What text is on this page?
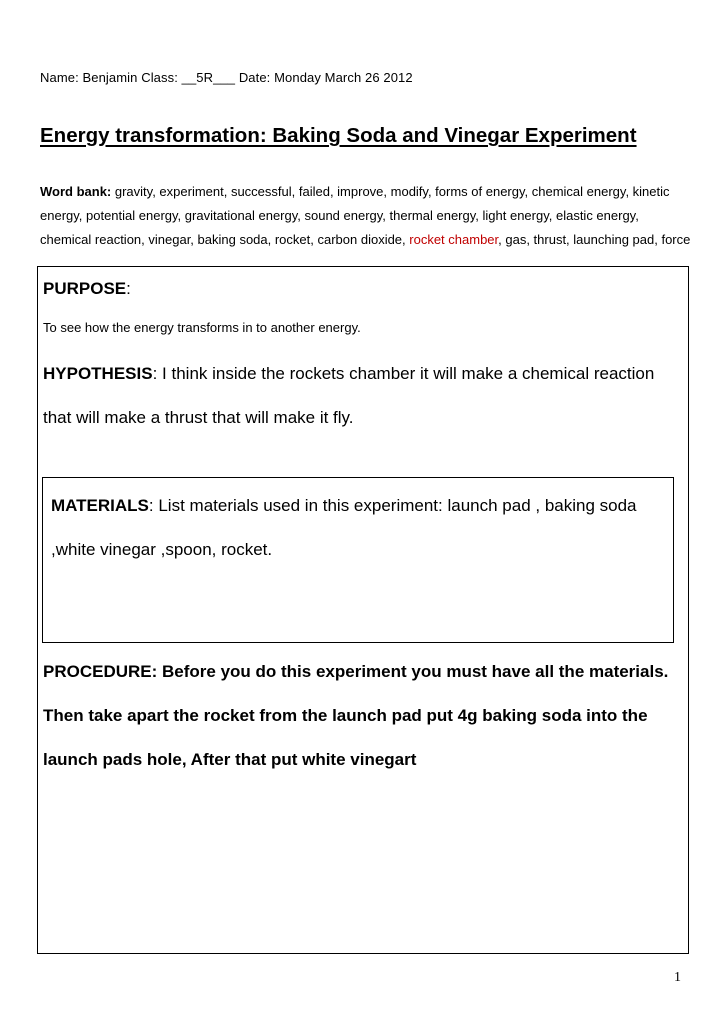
Name: Benjamin Class: __5R___ Date: Monday March 26 2012
Energy transformation: Baking Soda and Vinegar Experiment
Word bank: gravity, experiment, successful, failed, improve, modify, forms of energy, chemical energy, kinetic energy, potential energy, gravitational energy, sound energy, thermal energy, light energy, elastic energy, chemical reaction, vinegar, baking soda, rocket, carbon dioxide, rocket chamber, gas, thrust, launching pad, force
PURPOSE:
To see how the energy transforms in to another energy.
HYPOTHESIS: I think inside the rockets chamber it will make a chemical reaction that will make a thrust that will make it fly.
MATERIALS: List materials used in this experiment: launch pad , baking soda ,white vinegar ,spoon, rocket.
PROCEDURE: Before you do this experiment you must have all the materials. Then take apart the rocket from the launch pad put 4g baking soda into the launch pads hole, After that put white vinegart
1
